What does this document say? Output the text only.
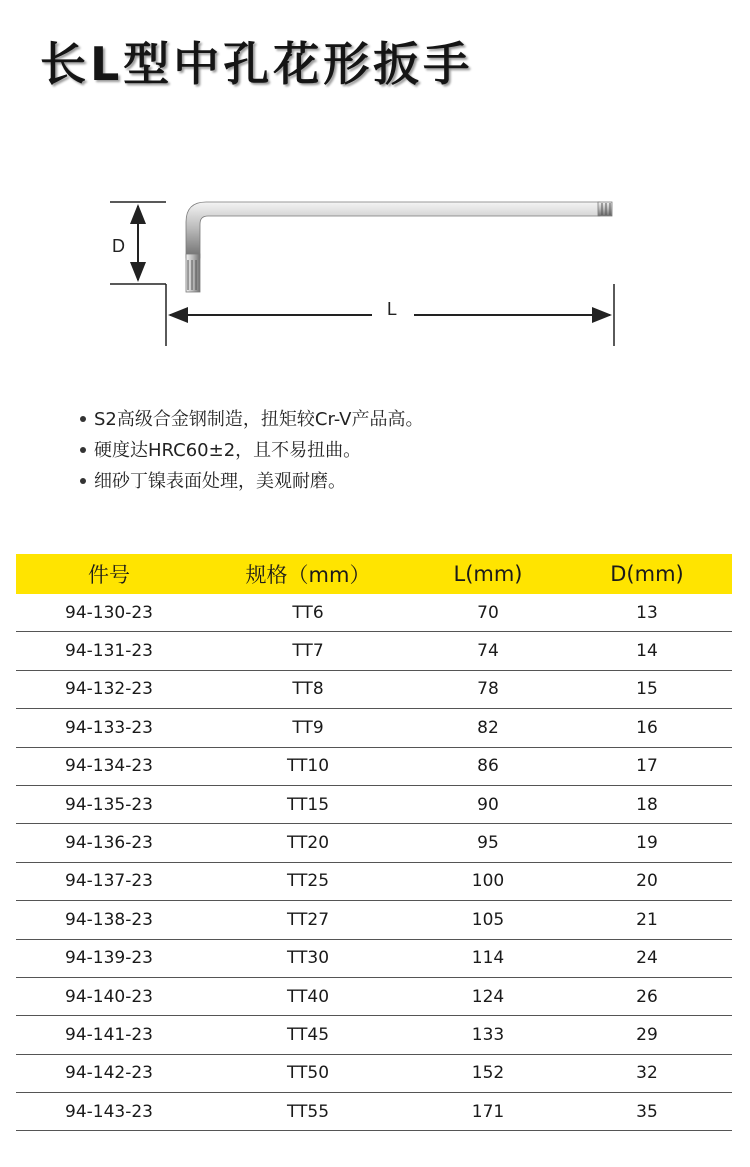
长L型中孔花形扳手
D
L
S2高级合金钢制造，扭矩较Cr-V产品高。
硬度达HRC60±2，且不易扭曲。
细砂丁镍表面处理，美观耐磨。
件号	规格（mm）	L(mm)	D(mm)
94-130-23	TT6	70	13
94-131-23	TT7	74	14
94-132-23	TT8	78	15
94-133-23	TT9	82	16
94-134-23	TT10	86	17
94-135-23	TT15	90	18
94-136-23	TT20	95	19
94-137-23	TT25	100	20
94-138-23	TT27	105	21
94-139-23	TT30	114	24
94-140-23	TT40	124	26
94-141-23	TT45	133	29
94-142-23	TT50	152	32
94-143-23	TT55	171	35
